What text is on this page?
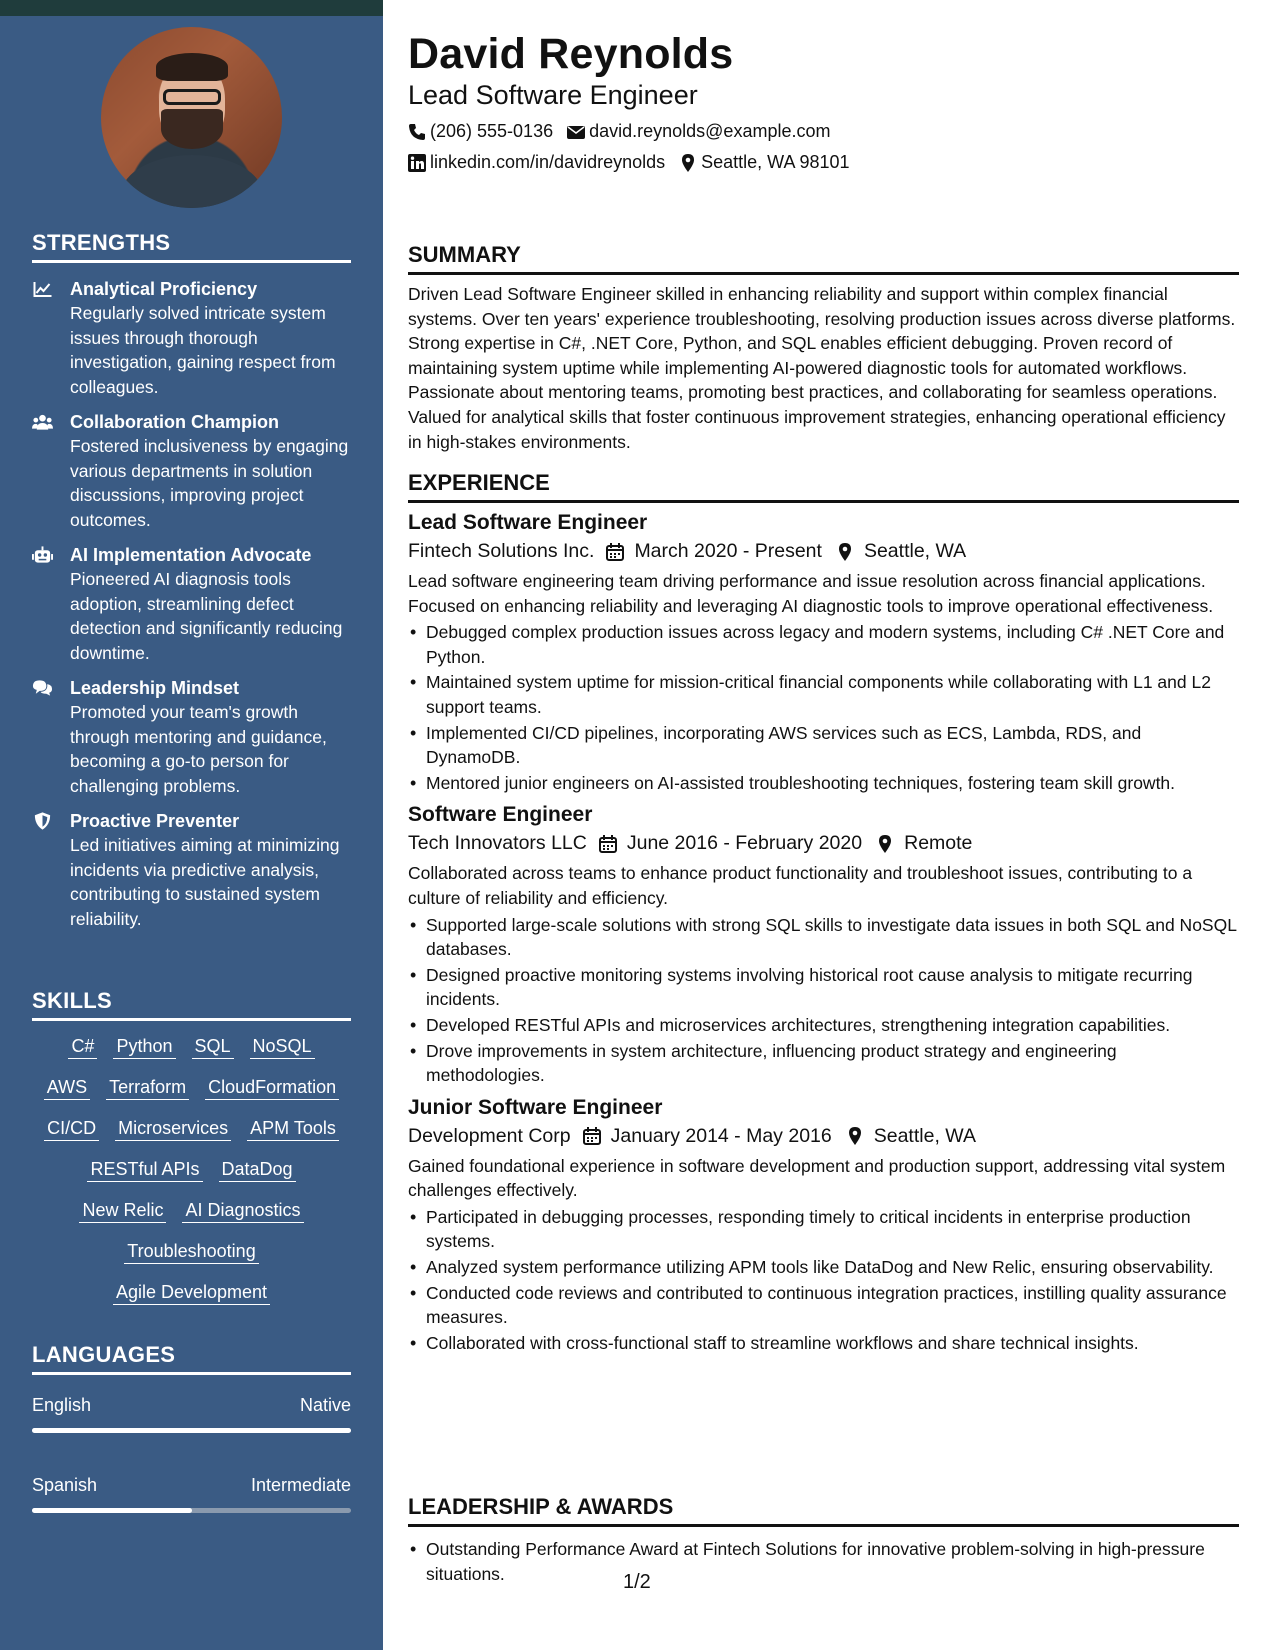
STRENGTHS
Analytical Proficiency
Regularly solved intricate system issues through thorough investigation, gaining respect from colleagues.
Collaboration Champion
Fostered inclusiveness by engaging various departments in solution discussions, improving project outcomes.
AI Implementation Advocate
Pioneered AI diagnosis tools adoption, streamlining defect detection and significantly reducing downtime.
Leadership Mindset
Promoted your team's growth through mentoring and guidance, becoming a go-to person for challenging problems.
Proactive Preventer
Led initiatives aiming at minimizing incidents via predictive analysis, contributing to sustained system reliability.
SKILLS
C# Python SQL NoSQL
AWS Terraform CloudFormation
CI/CD Microservices APM Tools
RESTful APIs DataDog
New Relic AI Diagnostics
Troubleshooting
Agile Development
LANGUAGES
English	Native
Spanish	Intermediate
David Reynolds
Lead Software Engineer
(206) 555-0136 david.reynolds@example.com
linkedin.com/in/davidreynolds Seattle, WA 98101
SUMMARY
Driven Lead Software Engineer skilled in enhancing reliability and support within complex financial systems. Over ten years' experience troubleshooting, resolving production issues across diverse platforms. Strong expertise in C#, .NET Core, Python, and SQL enables efficient debugging. Proven record of maintaining system uptime while implementing AI-powered diagnostic tools for automated workflows. Passionate about mentoring teams, promoting best practices, and collaborating for seamless operations. Valued for analytical skills that foster continuous improvement strategies, enhancing operational efficiency in high-stakes environments.
EXPERIENCE
Lead Software Engineer
Fintech Solutions Inc. March 2020 - Present Seattle, WA
Lead software engineering team driving performance and issue resolution across financial applications. Focused on enhancing reliability and leveraging AI diagnostic tools to improve operational effectiveness.
• Debugged complex production issues across legacy and modern systems, including C# .NET Core and Python.
• Maintained system uptime for mission-critical financial components while collaborating with L1 and L2 support teams.
• Implemented CI/CD pipelines, incorporating AWS services such as ECS, Lambda, RDS, and DynamoDB.
• Mentored junior engineers on AI-assisted troubleshooting techniques, fostering team skill growth.
Software Engineer
Tech Innovators LLC June 2016 - February 2020 Remote
Collaborated across teams to enhance product functionality and troubleshoot issues, contributing to a culture of reliability and efficiency.
• Supported large-scale solutions with strong SQL skills to investigate data issues in both SQL and NoSQL databases.
• Designed proactive monitoring systems involving historical root cause analysis to mitigate recurring incidents.
• Developed RESTful APIs and microservices architectures, strengthening integration capabilities.
• Drove improvements in system architecture, influencing product strategy and engineering methodologies.
Junior Software Engineer
Development Corp January 2014 - May 2016 Seattle, WA
Gained foundational experience in software development and production support, addressing vital system challenges effectively.
• Participated in debugging processes, responding timely to critical incidents in enterprise production systems.
• Analyzed system performance utilizing APM tools like DataDog and New Relic, ensuring observability.
• Conducted code reviews and contributed to continuous integration practices, instilling quality assurance measures.
• Collaborated with cross-functional staff to streamline workflows and share technical insights.
LEADERSHIP & AWARDS
• Outstanding Performance Award at Fintech Solutions for innovative problem-solving in high-pressure situations.	1/2
